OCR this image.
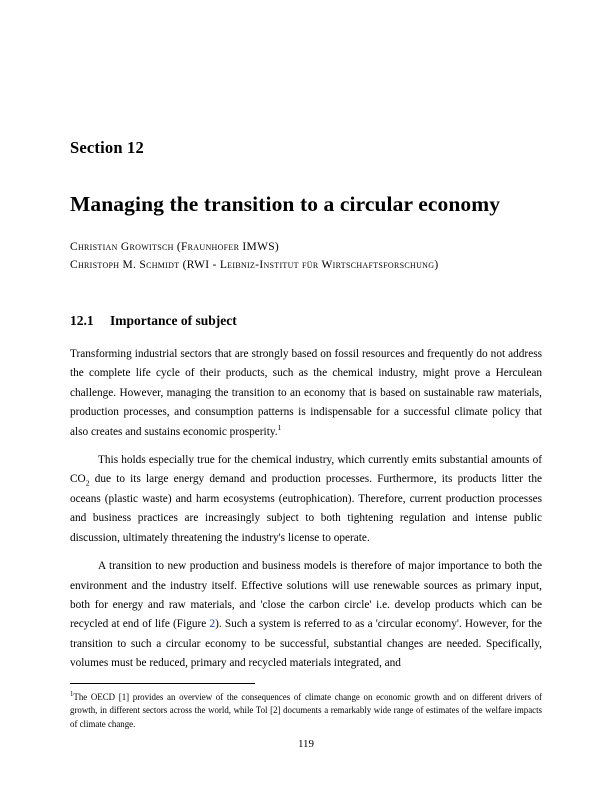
Section 12
Managing the transition to a circular economy
Christian Growitsch (Fraunhofer IMWS)
Christoph M. Schmidt (RWI - Leibniz-Institut für Wirtschaftsforschung)
12.1 Importance of subject

Transforming industrial sectors that are strongly based on fossil resources and frequently do not address the complete life cycle of their products, such as the chemical industry, might prove a Herculean challenge. However, managing the transition to an economy that is based on sustainable raw materials, production processes, and consumption patterns is indispensable for a successful climate policy that also creates and sustains economic prosperity.$^1$

This holds especially true for the chemical industry, which currently emits substantial amounts of $CO_2$ due to its large energy demand and production processes. Furthermore, its products litter the oceans (plastic waste) and harm ecosystems (eutrophication). Therefore, current production processes and business practices are increasingly subject to both tightening regulation and intense public discussion, ultimately threatening the industry's license to operate.

A transition to new production and business models is therefore of major importance to both the environment and the industry itself. Effective solutions will use renewable sources as primary input, both for energy and raw materials, and 'close the carbon circle' i.e. develop products which can be recycled at end of life (Figure 2). Such a system is referred to as a 'circular economy'. However, for the transition to such a circular economy to be successful, substantial changes are needed. Specifically, volumes must be reduced, primary and recycled materials integrated, and

$^1$The OECD [1] provides an overview of the consequences of climate change on economic growth and on different drivers of growth, in different sectors across the world, while Tol [2] documents a remarkably wide range of estimates of the welfare impacts of climate change.

119
